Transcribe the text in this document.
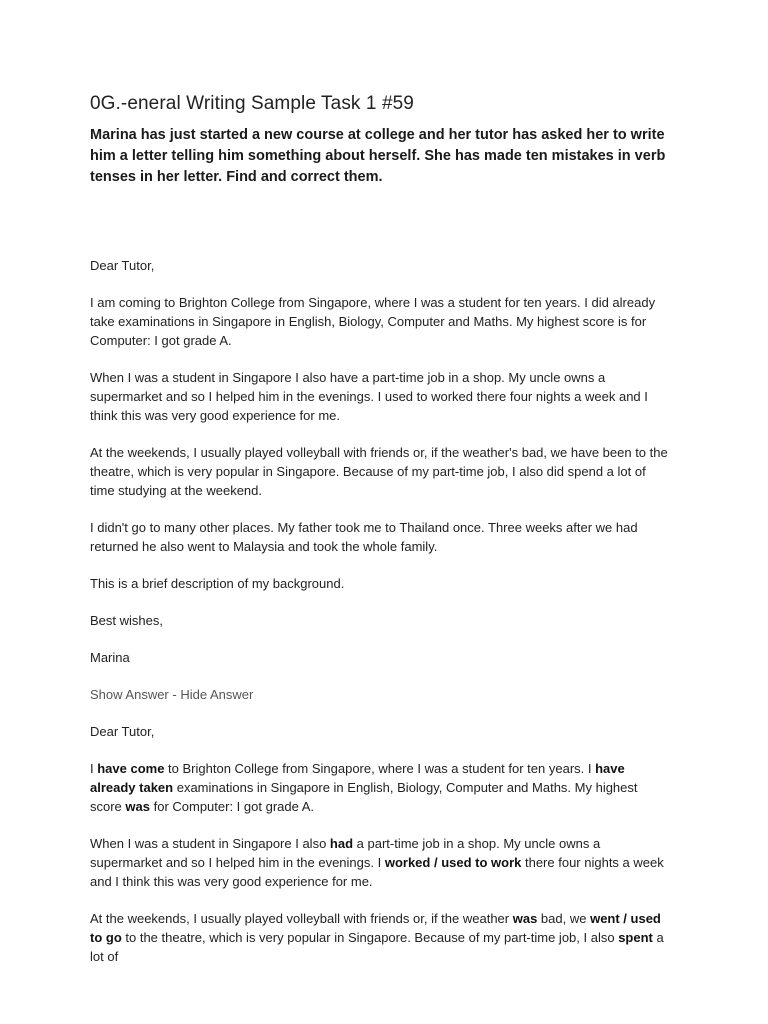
0G.-eneral Writing Sample Task 1 #59

Marina has just started a new course at college and her tutor has asked her to write him a letter telling him something about herself. She has made ten mistakes in verb tenses in her letter. Find and correct them.

Dear Tutor,

I am coming to Brighton College from Singapore, where I was a student for ten years. I did already take examinations in Singapore in English, Biology, Computer and Maths. My highest score is for Computer: I got grade A.

When I was a student in Singapore I also have a part-time job in a shop. My uncle owns a supermarket and so I helped him in the evenings. I used to worked there four nights a week and I think this was very good experience for me.

At the weekends, I usually played volleyball with friends or, if the weather's bad, we have been to the theatre, which is very popular in Singapore. Because of my part-time job, I also did spend a lot of time studying at the weekend.

I didn't go to many other places. My father took me to Thailand once. Three weeks after we had returned he also went to Malaysia and took the whole family.

This is a brief description of my background.

Best wishes,

Marina

Show Answer - Hide Answer

Dear Tutor,

I have come to Brighton College from Singapore, where I was a student for ten years. I have already taken examinations in Singapore in English, Biology, Computer and Maths. My highest score was for Computer: I got grade A.

When I was a student in Singapore I also had a part-time job in a shop. My uncle owns a supermarket and so I helped him in the evenings. I worked / used to work there four nights a week and I think this was very good experience for me.

At the weekends, I usually played volleyball with friends or, if the weather was bad, we went / used to go to the theatre, which is very popular in Singapore. Because of my part-time job, I also spent a lot of
